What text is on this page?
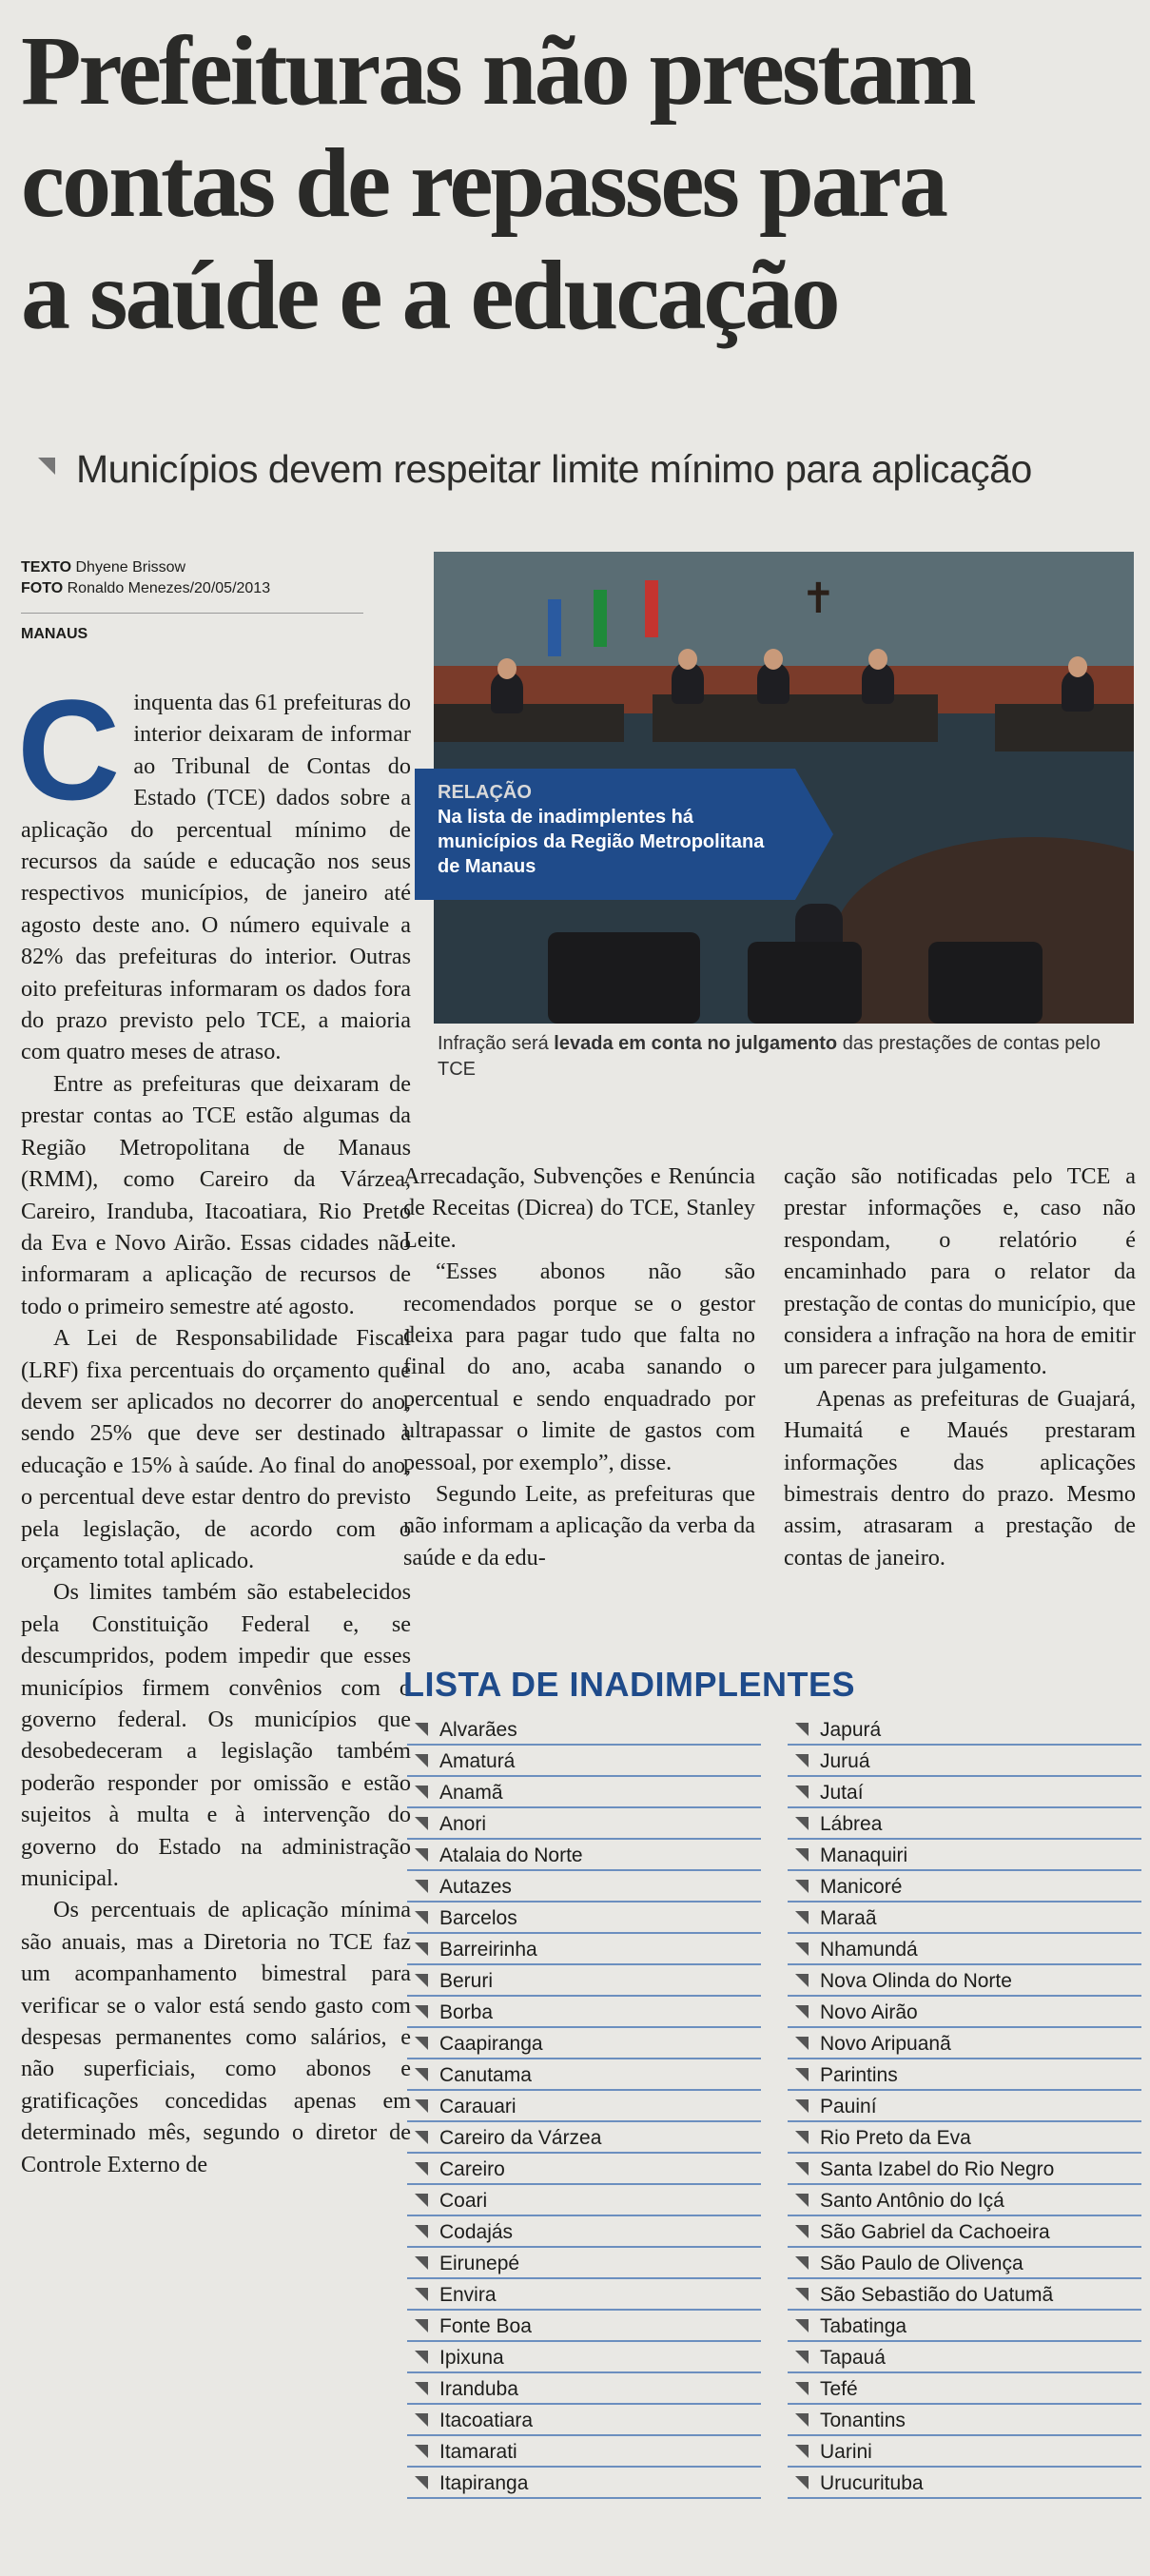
Prefeituras não prestam
contas de repasses para
a saúde e a educação
Municípios devem respeitar limite mínimo para aplicação
TEXTO Dhyene Brissow
FOTO Ronaldo Menezes/20/05/2013
MANAUS
✝
RELAÇÃO
Na lista de inadimplentes há municípios da Região Metropolitana de Manaus
Infração será levada em conta no julgamento das prestações de contas pelo TCE

Cinquenta das 61 prefeituras do interior deixaram de informar ao Tribunal de Contas do Estado (TCE) dados sobre a aplicação do percentual mínimo de recursos da saúde e educação nos seus respectivos municípios, de janeiro até agosto deste ano. O número equivale a 82% das prefeituras do interior. Outras oito prefeituras informaram os dados fora do prazo previsto pelo TCE, a maioria com quatro meses de atraso.

Entre as prefeituras que deixaram de prestar contas ao TCE estão algumas da Região Metropolitana de Manaus (RMM), como Careiro da Várzea, Careiro, Iranduba, Itacoatiara, Rio Preto da Eva e Novo Airão. Essas cidades não informaram a aplicação de recursos de todo o primeiro semestre até agosto.

A Lei de Responsabilidade Fiscal (LRF) fixa percentuais do orçamento que devem ser aplicados no decorrer do ano, sendo 25% que deve ser destinado à educação e 15% à saúde. Ao final do ano, o percentual deve estar dentro do previsto pela legislação, de acordo com o orçamento total aplicado.

Os limites também são estabelecidos pela Constituição Federal e, se descumpridos, podem impedir que esses municípios firmem convênios com o governo federal. Os municípios que desobedeceram a legislação também poderão responder por omissão e estão sujeitos à multa e à intervenção do governo do Estado na administração municipal.

Os percentuais de aplicação mínima são anuais, mas a Diretoria no TCE faz um acompanhamento bimestral para verificar se o valor está sendo gasto com despesas permanentes como salários, e não superficiais, como abonos e gratificações concedidas apenas em determinado mês, segundo o diretor de Controle Externo de

Arrecadação, Subvenções e Renúncia de Receitas (Dicrea) do TCE, Stanley Leite.

“Esses abonos não são recomendados porque se o gestor deixa para pagar tudo que falta no final do ano, acaba sanando o percentual e sendo enquadrado por ultrapassar o limite de gastos com pessoal, por exemplo”, disse.

Segundo Leite, as prefeituras que não informam a aplicação da verba da saúde e da edu-

cação são notificadas pelo TCE a prestar informações e, caso não respondam, o relatório é encaminhado para o relator da prestação de contas do município, que considera a infração na hora de emitir um parecer para julgamento.

Apenas as prefeituras de Guajará, Humaitá e Maués prestaram informações das aplicações bimestrais dentro do prazo. Mesmo assim, atrasaram a prestação de contas de janeiro.

LISTA DE INADIMPLENTES
Alvarães
Amaturá
Anamã
Anori
Atalaia do Norte
Autazes
Barcelos
Barreirinha
Beruri
Borba
Caapiranga
Canutama
Carauari
Careiro da Várzea
Careiro
Coari
Codajás
Eirunepé
Envira
Fonte Boa
Ipixuna
Iranduba
Itacoatiara
Itamarati
Itapiranga
Japurá
Juruá
Jutaí
Lábrea
Manaquiri
Manicoré
Maraã
Nhamundá
Nova Olinda do Norte
Novo Airão
Novo Aripuanã
Parintins
Pauiní
Rio Preto da Eva
Santa Izabel do Rio Negro
Santo Antônio do Içá
São Gabriel da Cachoeira
São Paulo de Olivença
São Sebastião do Uatumã
Tabatinga
Tapauá
Tefé
Tonantins
Uarini
Urucurituba
